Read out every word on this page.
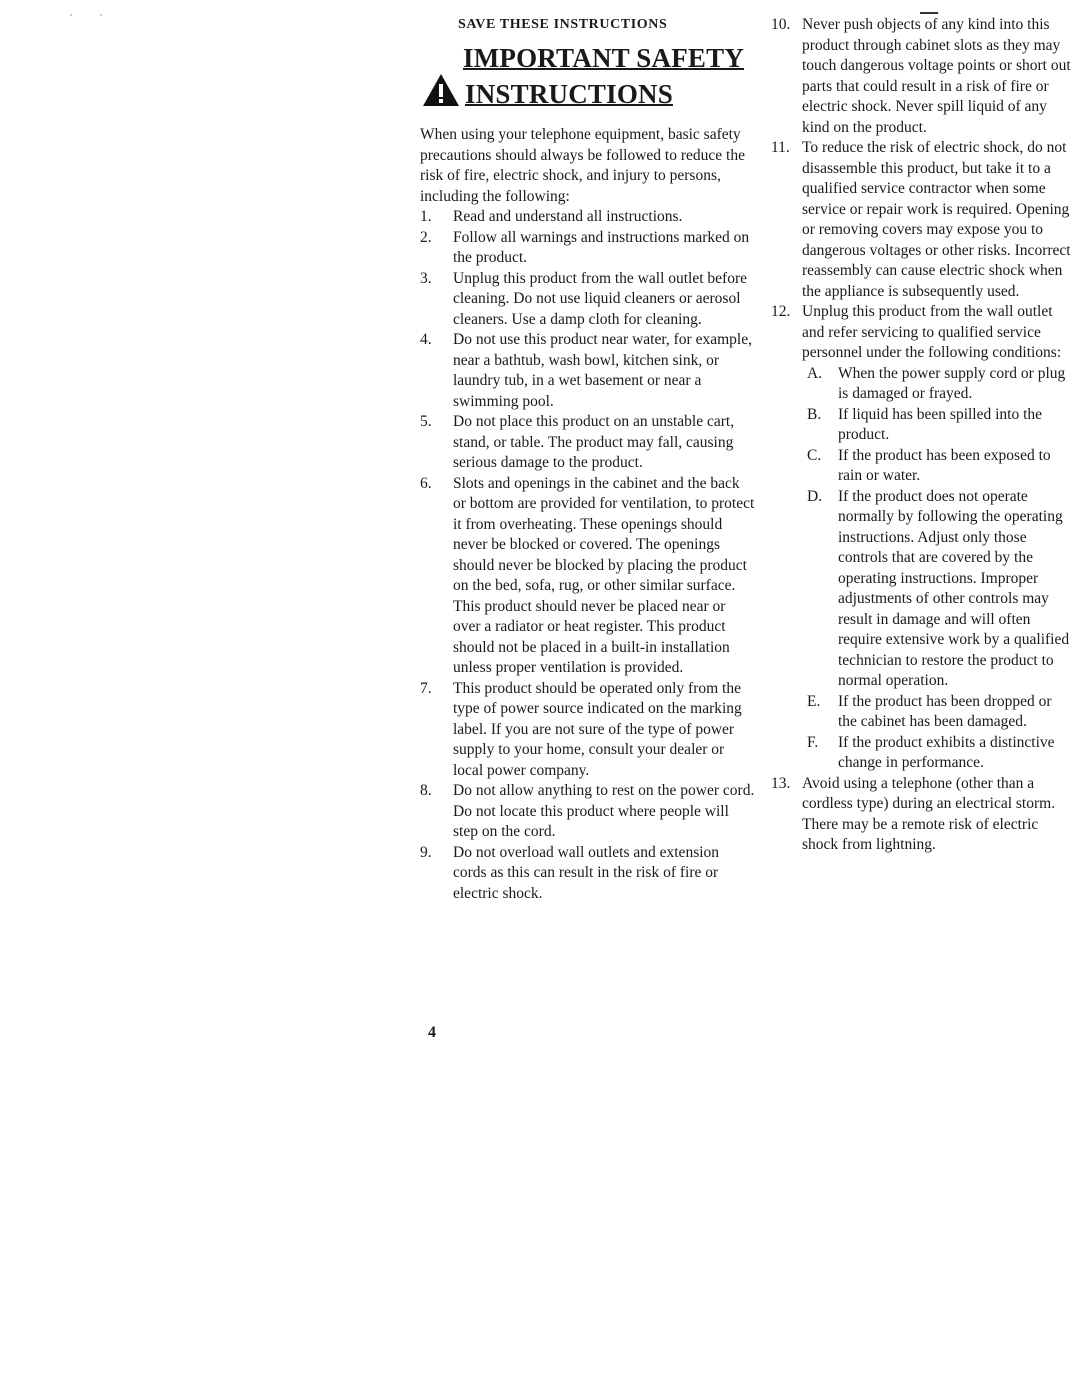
SAVE THESE INSTRUCTIONS
IMPORTANT SAFETY
INSTRUCTIONS

When using your telephone equipment, basic safety precautions should always be followed to reduce the risk of fire, electric shock, and injury to persons, including the following:

1. Read and understand all instructions.
2. Follow all warnings and instructions marked on the product.
3. Unplug this product from the wall outlet before cleaning. Do not use liquid cleaners or aerosol cleaners. Use a damp cloth for cleaning.
4. Do not use this product near water, for example, near a bathtub, wash bowl, kitchen sink, or laundry tub, in a wet basement or near a swimming pool.
5. Do not place this product on an unstable cart, stand, or table. The product may fall, causing serious damage to the product.
6. Slots and openings in the cabinet and the back or bottom are provided for ventilation, to protect it from overheating. These openings should never be blocked or covered. The openings should never be blocked by placing the product on the bed, sofa, rug, or other similar surface. This product should never be placed near or over a radiator or heat register. This product should not be placed in a built-in installation unless proper ventilation is provided.
7. This product should be operated only from the type of power source indicated on the marking label. If you are not sure of the type of power supply to your home, consult your dealer or local power company.
8. Do not allow anything to rest on the power cord. Do not locate this product where people will step on the cord.
9. Do not overload wall outlets and extension cords as this can result in the risk of fire or electric shock.
4
10. Never push objects of any kind into this product through cabinet slots as they may touch dangerous voltage points or short out parts that could result in a risk of fire or electric shock. Never spill liquid of any kind on the product.
11. To reduce the risk of electric shock, do not disassemble this product, but take it to a qualified service contractor when some service or repair work is required. Opening or removing covers may expose you to dangerous voltages or other risks. Incorrect reassembly can cause electric shock when the appliance is subsequently used.
12. Unplug this product from the wall outlet and refer servicing to qualified service personnel under the following conditions:
A. When the power supply cord or plug is damaged or frayed.
B. If liquid has been spilled into the product.
C. If the product has been exposed to rain or water.
D. If the product does not operate normally by following the operating instructions. Adjust only those controls that are covered by the operating instructions. Improper adjustments of other controls may result in damage and will often require extensive work by a qualified technician to restore the product to normal operation.
E. If the product has been dropped or the cabinet has been damaged.
F. If the product exhibits a distinctive change in performance.
13. Avoid using a telephone (other than a cordless type) during an electrical storm. There may be a remote risk of electric shock from lightning.
